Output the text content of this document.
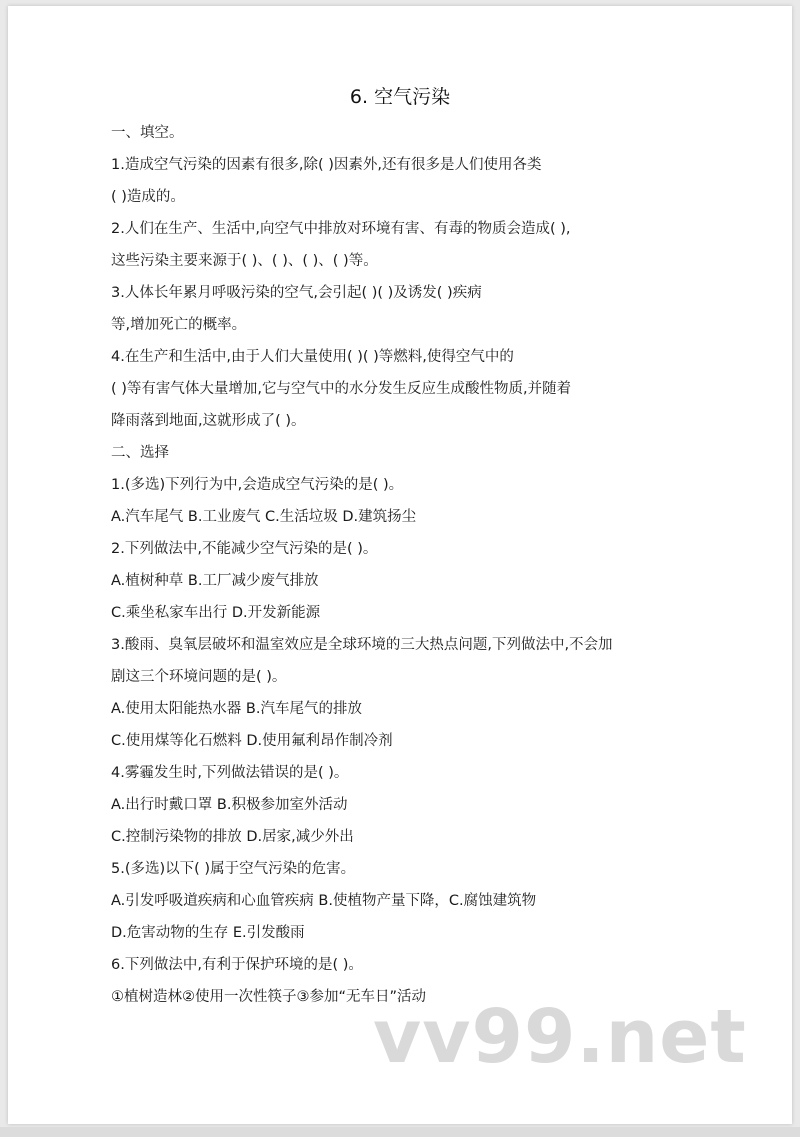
6. 空气污染
一、填空。
1.造成空气污染的因素有很多,除( )因素外,还有很多是人们使用各类
( )造成的。
2.人们在生产、生活中,向空气中排放对环境有害、有毒的物质会造成( ),
这些污染主要来源于( )、( )、( )、( )等。
3.人体长年累月呼吸污染的空气,会引起( )( )及诱发( )疾病
等,增加死亡的概率。
4.在生产和生活中,由于人们大量使用( )( )等燃料,使得空气中的
( )等有害气体大量增加,它与空气中的水分发生反应生成酸性物质,并随着
降雨落到地面,这就形成了( )。
二、选择
1.(多选)下列行为中,会造成空气污染的是( )。
A.汽车尾气 B.工业废气 C.生活垃圾 D.建筑扬尘
2.下列做法中,不能减少空气污染的是( )。
A.植树种草 B.工厂减少废气排放
C.乘坐私家车出行 D.开发新能源
3.酸雨、臭氧层破坏和温室效应是全球环境的三大热点问题,下列做法中,不会加
剧这三个环境问题的是( )。
A.使用太阳能热水器 B.汽车尾气的排放
C.使用煤等化石燃料 D.使用氟利昂作制冷剂
4.雾霾发生时,下列做法错误的是( )。
A.出行时戴口罩 B.积极参加室外活动
C.控制污染物的排放 D.居家,减少外出
5.(多选)以下( )属于空气污染的危害。
A.引发呼吸道疾病和心血管疾病 B.使植物产量下降，C.腐蚀建筑物
D.危害动物的生存 E.引发酸雨
6.下列做法中,有利于保护环境的是( )。
①植树造林②使用一次性筷子③参加“无车日”活动
vv99.net
